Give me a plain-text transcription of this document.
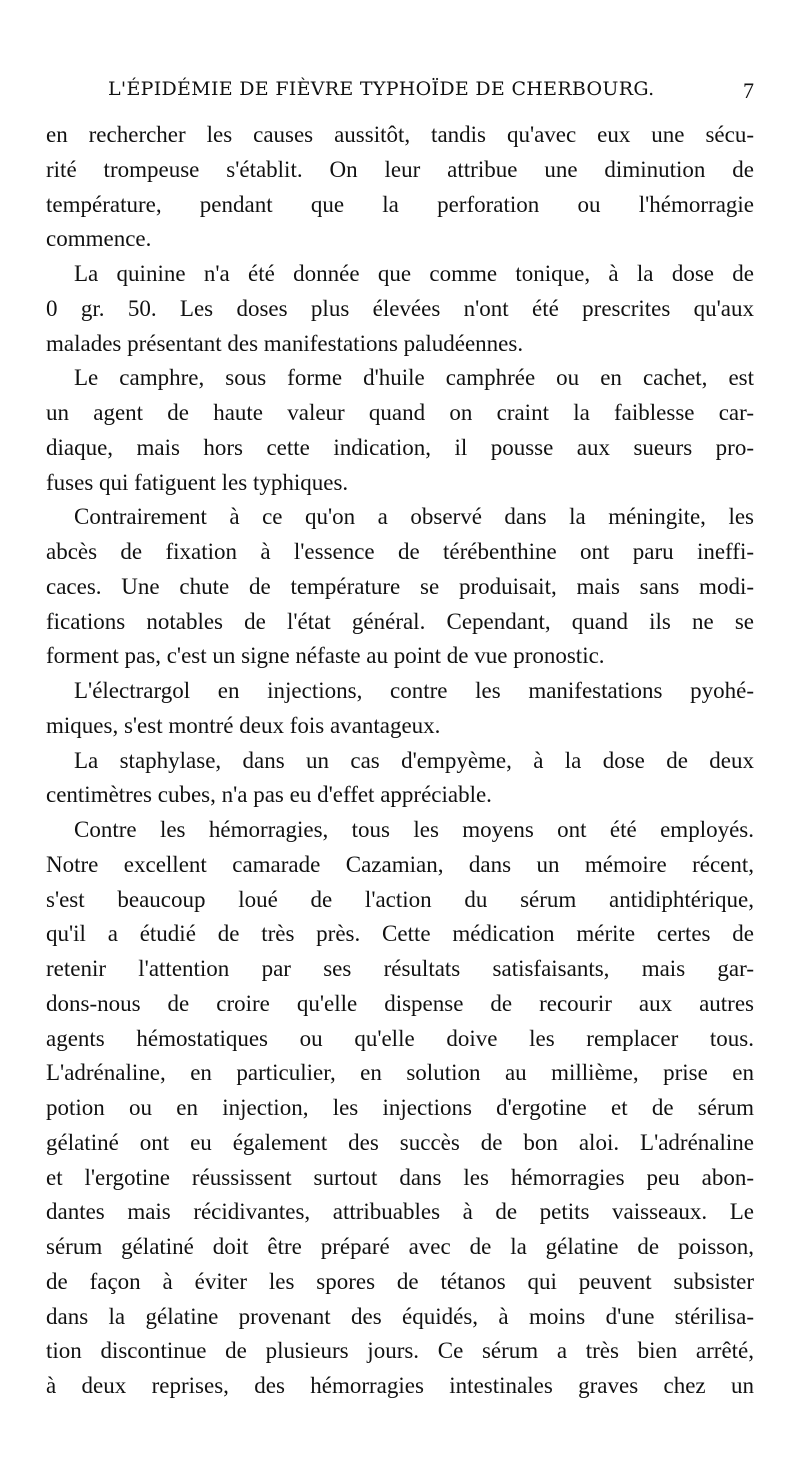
L'ÉPIDÉMIE DE FIÈVRE TYPHOÏDE DE CHERBOURG.	7
en rechercher les causes aussitôt, tandis qu'avec eux une sécu-
rité trompeuse s'établit. On leur attribue une diminution de
température, pendant que la perforation ou l'hémorragie
commence.
La quinine n'a été donnée que comme tonique, à la dose de
0 gr. 50. Les doses plus élevées n'ont été prescrites qu'aux
malades présentant des manifestations paludéennes.
Le camphre, sous forme d'huile camphrée ou en cachet, est
un agent de haute valeur quand on craint la faiblesse car-
diaque, mais hors cette indication, il pousse aux sueurs pro-
fuses qui fatiguent les typhiques.
Contrairement à ce qu'on a observé dans la méningite, les
abcès de fixation à l'essence de térébenthine ont paru ineffi-
caces. Une chute de température se produisait, mais sans modi-
fications notables de l'état général. Cependant, quand ils ne se
forment pas, c'est un signe néfaste au point de vue pronostic.
L'électrargol en injections, contre les manifestations pyohé-
miques, s'est montré deux fois avantageux.
La staphylase, dans un cas d'empyème, à la dose de deux
centimètres cubes, n'a pas eu d'effet appréciable.
Contre les hémorragies, tous les moyens ont été employés.
Notre excellent camarade Cazamian, dans un mémoire récent,
s'est beaucoup loué de l'action du sérum antidiphtérique,
qu'il a étudié de très près. Cette médication mérite certes de
retenir l'attention par ses résultats satisfaisants, mais gar-
dons-nous de croire qu'elle dispense de recourir aux autres
agents hémostatiques ou qu'elle doive les remplacer tous.
L'adrénaline, en particulier, en solution au millième, prise en
potion ou en injection, les injections d'ergotine et de sérum
gélatiné ont eu également des succès de bon aloi. L'adrénaline
et l'ergotine réussissent surtout dans les hémorragies peu abon-
dantes mais récidivantes, attribuables à de petits vaisseaux. Le
sérum gélatiné doit être préparé avec de la gélatine de poisson,
de façon à éviter les spores de tétanos qui peuvent subsister
dans la gélatine provenant des équidés, à moins d'une stérilisa-
tion discontinue de plusieurs jours. Ce sérum a très bien arrêté,
à deux reprises, des hémorragies intestinales graves chez un
